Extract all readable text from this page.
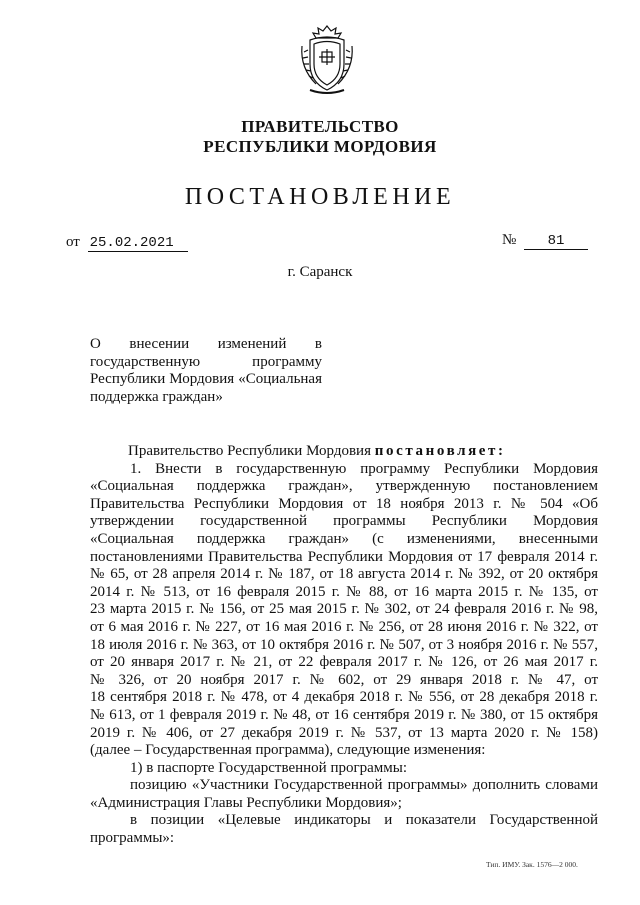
ПРАВИТЕЛЬСТВО
РЕСПУБЛИКИ МОРДОВИЯ
ПОСТАНОВЛЕНИЕ
от 25.02.2021	№ 81
г. Саранск
О внесении изменений в
государственную программу
Республики Мордовия «Социальная
поддержка граждан»
Правительство Республики Мордовия постановляет:
1. Внести в государственную программу Республики Мордовия
«Социальная поддержка граждан», утвержденную постановлением
Правительства Республики Мордовия от 18 ноября 2013 г. № 504 «Об
утверждении государственной программы Республики Мордовия
«Социальная поддержка граждан» (с изменениями, внесенными
постановлениями Правительства Республики Мордовия от 17 февраля 2014 г.
№ 65, от 28 апреля 2014 г. № 187, от 18 августа 2014 г. № 392, от 20 октября
2014 г. № 513, от 16 февраля 2015 г. № 88, от 16 марта 2015 г. № 135, от
23 марта 2015 г. № 156, от 25 мая 2015 г. № 302, от 24 февраля 2016 г. № 98,
от 6 мая 2016 г. № 227, от 16 мая 2016 г. № 256, от 28 июня 2016 г. № 322, от
18 июля 2016 г. № 363, от 10 октября 2016 г. № 507, от 3 ноября 2016 г. № 557,
от 20 января 2017 г. № 21, от 22 февраля 2017 г. № 126, от 26 мая 2017 г.
№ 326, от 20 ноября 2017 г. № 602, от 29 января 2018 г. № 47, от
18 сентября 2018 г. № 478, от 4 декабря 2018 г. № 556, от 28 декабря 2018 г.
№ 613, от 1 февраля 2019 г. № 48, от 16 сентября 2019 г. № 380, от 15 октября
2019 г. № 406, от 27 декабря 2019 г. № 537, от 13 марта 2020 г. № 158)
(далее – Государственная программа), следующие изменения:
1) в паспорте Государственной программы:
позицию «Участники Государственной программы» дополнить словами
«Администрация Главы Республики Мордовия»;
в позиции «Целевые индикаторы и показатели Государственной
программы»:
Тип. ИМУ. Зак. 1576—2 000.
